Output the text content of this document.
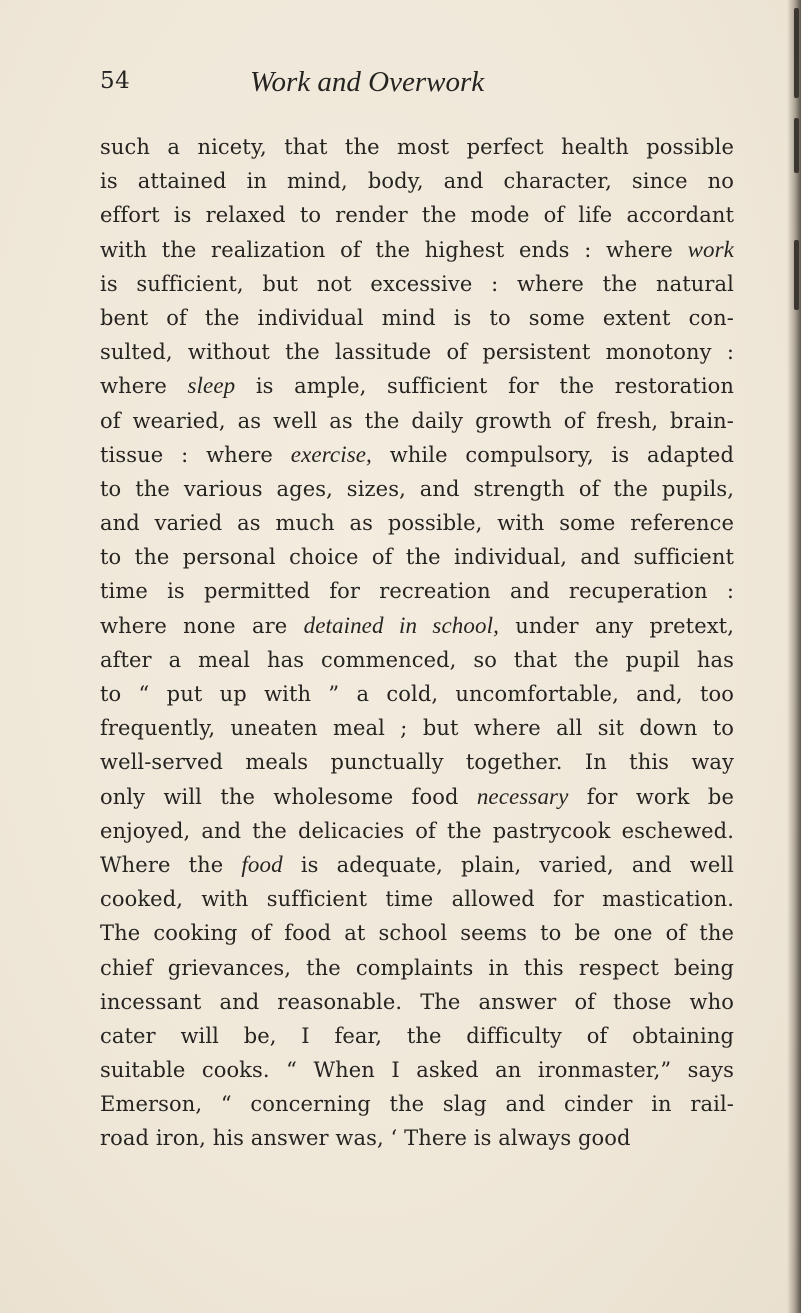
54	Work and Overwork
such a nicety, that the most perfect health possible
is attained in mind, body, and character, since no
effort is relaxed to render the mode of life accordant
with the realization of the highest ends : where work
is sufficient, but not excessive : where the natural
bent of the individual mind is to some extent con-
sulted, without the lassitude of persistent monotony :
where sleep is ample, sufficient for the restoration
of wearied, as well as the daily growth of fresh, brain-
tissue : where exercise, while compulsory, is adapted
to the various ages, sizes, and strength of the pupils,
and varied as much as possible, with some reference
to the personal choice of the individual, and sufficient
time is permitted for recreation and recuperation :
where none are detained in school, under any pretext,
after a meal has commenced, so that the pupil has
to “ put up with ” a cold, uncomfortable, and, too
frequently, uneaten meal ; but where all sit down to
well-served meals punctually together. In this way
only will the wholesome food necessary for work be
enjoyed, and the delicacies of the pastrycook eschewed.
Where the food is adequate, plain, varied, and well
cooked, with sufficient time allowed for mastication.
The cooking of food at school seems to be one of the
chief grievances, the complaints in this respect being
incessant and reasonable. The answer of those who
cater will be, I fear, the difficulty of obtaining
suitable cooks. “ When I asked an ironmaster,” says
Emerson, “ concerning the slag and cinder in rail-
road iron, his answer was, ‘ There is always good
